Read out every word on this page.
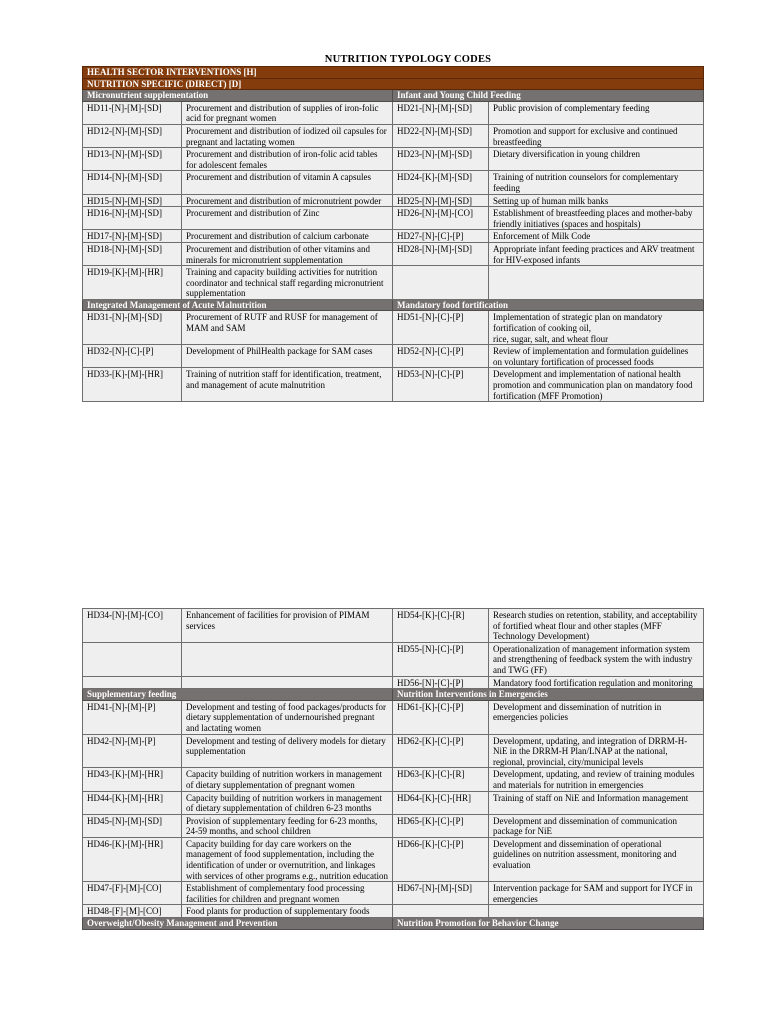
NUTRITION TYPOLOGY CODES
HEALTH SECTOR INTERVENTIONS [H]			
NUTRITION SPECIFIC (DIRECT) [D]			
Micronutrient supplementation		Infant and Young Child Feeding	
HD11-[N]-[M]-[SD]	Procurement and distribution of supplies of iron-folic acid for pregnant women	HD21-[N]-[M]-[SD]	Public provision of complementary feeding
HD12-[N]-[M]-[SD]	Procurement and distribution of iodized oil capsules for pregnant and lactating women	HD22-[N]-[M]-[SD]	Promotion and support for exclusive and continued breastfeeding
HD13-[N]-[M]-[SD]	Procurement and distribution of iron-folic acid tables for adolescent females	HD23-[N]-[M]-[SD]	Dietary diversification in young children
HD14-[N]-[M]-[SD]	Procurement and distribution of vitamin A capsules	HD24-[K]-[M]-[SD]	Training of nutrition counselors for complementary feeding
HD15-[N]-[M]-[SD]	Procurement and distribution of micronutrient powder	HD25-[N]-[M]-[SD]	Setting up of human milk banks
HD16-[N]-[M]-[SD]	Procurement and distribution of Zinc	HD26-[N]-[M]-[CO]	Establishment of breastfeeding places and mother-baby friendly initiatives (spaces and hospitals)
HD17-[N]-[M]-[SD]	Procurement and distribution of calcium carbonate	HD27-[N]-[C]-[P]	Enforcement of Milk Code
HD18-[N]-[M]-[SD]	Procurement and distribution of other vitamins and minerals for micronutrient supplementation	HD28-[N]-[M]-[SD]	Appropriate infant feeding practices and ARV treatment for HIV-exposed infants
HD19-[K]-[M]-[HR]	Training and capacity building activities for nutrition coordinator and technical staff regarding micronutrient supplementation		
Integrated Management of Acute Malnutrition		Mandatory food fortification	
HD31-[N]-[M]-[SD]	Procurement of RUTF and RUSF for management of MAM and SAM	HD51-[N]-[C]-[P]	Implementation of strategic plan on mandatory fortification of cooking oil,
rice, sugar, salt, and wheat flour
HD32-[N]-[C]-[P]	Development of PhilHealth package for SAM cases	HD52-[N]-[C]-[P]	Review of implementation and formulation guidelines on voluntary fortification of processed foods
HD33-[K]-[M]-[HR]	Training of nutrition staff for identification, treatment, and management of acute malnutrition	HD53-[N]-[C]-[P]	Development and implementation of national health promotion and communication plan on mandatory food fortification (MFF Promotion)
HD34-[N]-[M]-[CO]	Enhancement of facilities for provision of PIMAM services	HD54-[K]-[C]-[R]	Research studies on retention, stability, and acceptability of fortified wheat flour and other staples (MFF Technology Development)
		HD55-[N]-[C]-[P]	Operationalization of management information system and strengthening of feedback system the with industry and TWG (FF)
		HD56-[N]-[C]-[P]	Mandatory food fortification regulation and monitoring
Supplementary feeding		Nutrition Interventions in Emergencies	
HD41-[N]-[M]-[P]	Development and testing of food packages/products for dietary supplementation of undernourished pregnant and lactating women	HD61-[K]-[C]-[P]	Development and dissemination of nutrition in emergencies policies
HD42-[N]-[M]-[P]	Development and testing of delivery models for dietary supplementation	HD62-[K]-[C]-[P]	Development, updating, and integration of DRRM-H-NiE in the DRRM-H Plan/LNAP at the national, regional, provincial, city/municipal levels
HD43-[K]-[M]-[HR]	Capacity building of nutrition workers in management of dietary supplementation of pregnant women	HD63-[K]-[C]-[R]	Development, updating, and review of training modules and materials for nutrition in emergencies
HD44-[K]-[M]-[HR]	Capacity building of nutrition workers in management of dietary supplementation of children 6-23 months	HD64-[K]-[C]-[HR]	Training of staff on NiE and Information management
HD45-[N]-[M]-[SD]	Provision of supplementary feeding for 6-23 months, 24-59 months, and school children	HD65-[K]-[C]-[P]	Development and dissemination of communication package for NiE
HD46-[K]-[M]-[HR]	Capacity building for day care workers on the management of food supplementation, including the identification of under or overnutrition, and linkages with services of other programs e.g., nutrition education	HD66-[K]-[C]-[P]	Development and dissemination of operational guidelines on nutrition assessment, monitoring and evaluation
HD47-[F]-[M]-[CO]	Establishment of complementary food processing facilities for children and pregnant women	HD67-[N]-[M]-[SD]	Intervention package for SAM and support for IYCF in emergencies
HD48-[F]-[M]-[CO]	Food plants for production of supplementary foods		
Overweight/Obesity Management and Prevention		Nutrition Promotion for Behavior Change	
